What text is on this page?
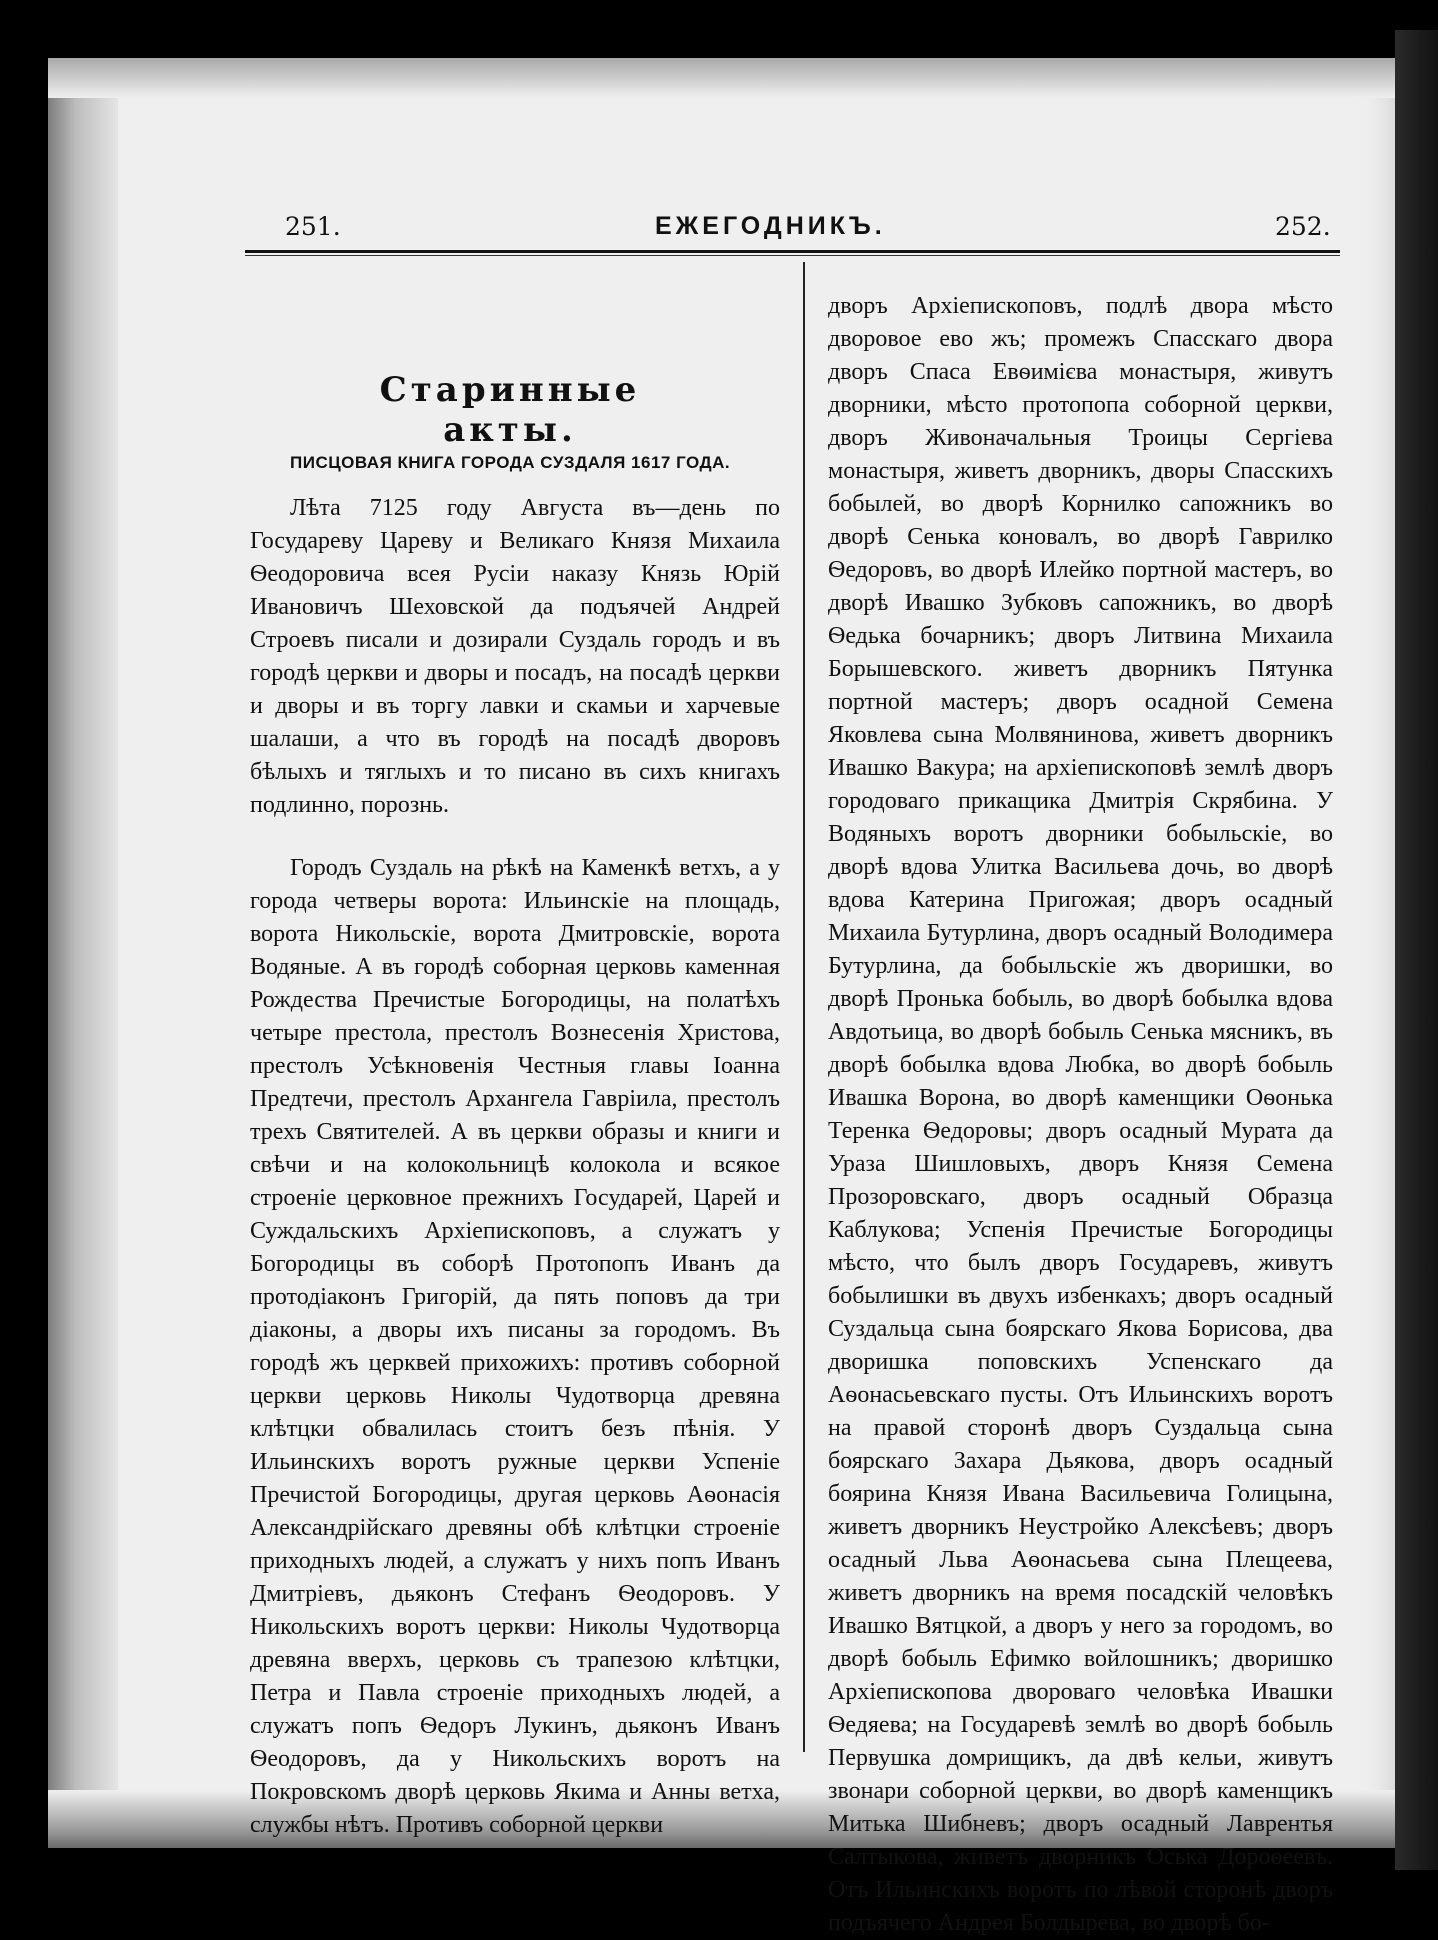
251.	ЕЖЕГОДНИКЪ.	252.
Старинные акты.
ПИСЦОВАЯ КНИГА ГОРОДА СУЗДАЛЯ 1617 ГОДА.

Лѣта 7125 году Августа въ—день по Государеву Цареву и Великаго Князя Михаила Ѳеодоровича всея Русіи наказу Князь Юрій Ивановичъ Шеховской да подъячей Андрей Строевъ писали и дозирали Суздаль городъ и въ городѣ церкви и дворы и посадъ, на посадѣ церкви и дворы и въ торгу лавки и скамьи и харчевые шалаши, а что въ городѣ на посадѣ дворовъ бѣлыхъ и тяглыхъ и то писано въ сихъ книгахъ подлинно, порознь.

Городъ Суздаль на рѣкѣ на Каменкѣ ветхъ, а у города четверы ворота: Ильинскіе на площадь, ворота Никольскіе, ворота Дмитровскіе, ворота Водяные. А въ городѣ соборная церковь каменная Рождества Пречистые Богородицы, на полатѣхъ четыре престола, престолъ Вознесенія Христова, престолъ Усѣкновенія Честныя главы Іоанна Предтечи, престолъ Архангела Гавріила, престолъ трехъ Святителей. А въ церкви образы и книги и свѣчи и на колокольницѣ колокола и всякое строеніе церковное прежнихъ Государей, Царей и Суждальскихъ Архіепископовъ, а служатъ у Богородицы въ соборѣ Протопопъ Иванъ да протодіаконъ Григорій, да пять поповъ да три діаконы, а дворы ихъ писаны за городомъ. Въ городѣ жъ церквей прихожихъ: противъ соборной церкви церковь Николы Чудотворца древяна клѣтцки обвалилась стоитъ безъ пѣнія. У Ильинскихъ воротъ ружные церкви Успеніе Пречистой Богородицы, другая церковь Аѳонасія Александрійскаго древяны обѣ клѣтцки строеніе приходныхъ людей, а служатъ у нихъ попъ Иванъ Дмитріевъ, дьяконъ Стефанъ Ѳеодоровъ. У Никольскихъ воротъ церкви: Николы Чудотворца древяна вверхъ, церковь съ трапезою клѣтцки, Петра и Павла строеніе приходныхъ людей, а служатъ попъ Ѳедоръ Лукинъ, дьяконъ Иванъ Ѳеодоровъ, да у Никольскихъ воротъ на Покровскомъ дворѣ церковь Якима и Анны ветха, службы нѣтъ. Противъ соборной церкви

дворъ Архіепископовъ, подлѣ двора мѣсто дворовое ево жъ; промежъ Спасскаго двора дворъ Спаса Евѳимієва монастыря, живутъ дворники, мѣсто протопопа соборной церкви, дворъ Живоначальныя Троицы Сергіева монастыря, живетъ дворникъ, дворы Спасскихъ бобылей, во дворѣ Корнилко сапожникъ во дворѣ Сенька коновалъ, во дворѣ Гаврилко Ѳедоровъ, во дворѣ Илейко портной мастеръ, во дворѣ Ивашко Зубковъ сапожникъ, во дворѣ Ѳедька бочарникъ; дворъ Литвина Михаила Борышевского. живетъ дворникъ Пятунка портной мастеръ; дворъ осадной Семена Яковлева сына Молвянинова, живетъ дворникъ Ивашко Вакура; на архіепископовѣ землѣ дворъ городоваго прикащика Дмитрія Скрябина. У Водяныхъ воротъ дворники бобыльскіе, во дворѣ вдова Улитка Васильева дочь, во дворѣ вдова Катерина Пригожая; дворъ осадный Михаила Бутурлина, дворъ осадный Володимера Бутурлина, да бобыльскіе жъ дворишки, во дворѣ Пронька бобыль, во дворѣ бобылка вдова Авдотьица, во дворѣ бобыль Сенька мясникъ, въ дворѣ бобылка вдова Любка, во дворѣ бобыль Ивашка Ворона, во дворѣ каменщики Оѳонька Теренка Ѳедоровы; дворъ осадный Мурата да Ураза Шишловыхъ, дворъ Князя Семена Прозоровскаго, дворъ осадный Образца Каблукова; Успенія Пречистые Богородицы мѣсто, что былъ дворъ Государевъ, живутъ бобылишки въ двухъ избенкахъ; дворъ осадный Суздальца сына боярскаго Якова Борисова, два дворишка поповскихъ Успенскаго да Аѳонасьевскаго пусты. Отъ Ильинскихъ воротъ на правой сторонѣ дворъ Суздальца сына боярскаго Захара Дьякова, дворъ осадный боярина Князя Ивана Васильевича Голицына, живетъ дворникъ Неустройко Алексѣевъ; дворъ осадный Льва Аѳонасьева сына Плещеева, живетъ дворникъ на время посадскій человѣкъ Ивашко Вятцкой, а дворъ у него за городомъ, во дворѣ бобыль Ефимко войлошникъ; дворишко Архіепископова двороваго человѣка Ивашки Ѳедяева; на Государевѣ землѣ во дворѣ бобыль Первушка домрищикъ, да двѣ кельи, живутъ звонари соборной церкви, во дворѣ каменщикъ Митька Шибневъ; дворъ осадный Лаврентья Салтыкова, живетъ дворникъ Оська Дороѳеевъ. Отъ Ильинскихъ воротъ по лѣвой сторонѣ дворъ подъячего Андрея Болдырева, во дворѣ бо-
